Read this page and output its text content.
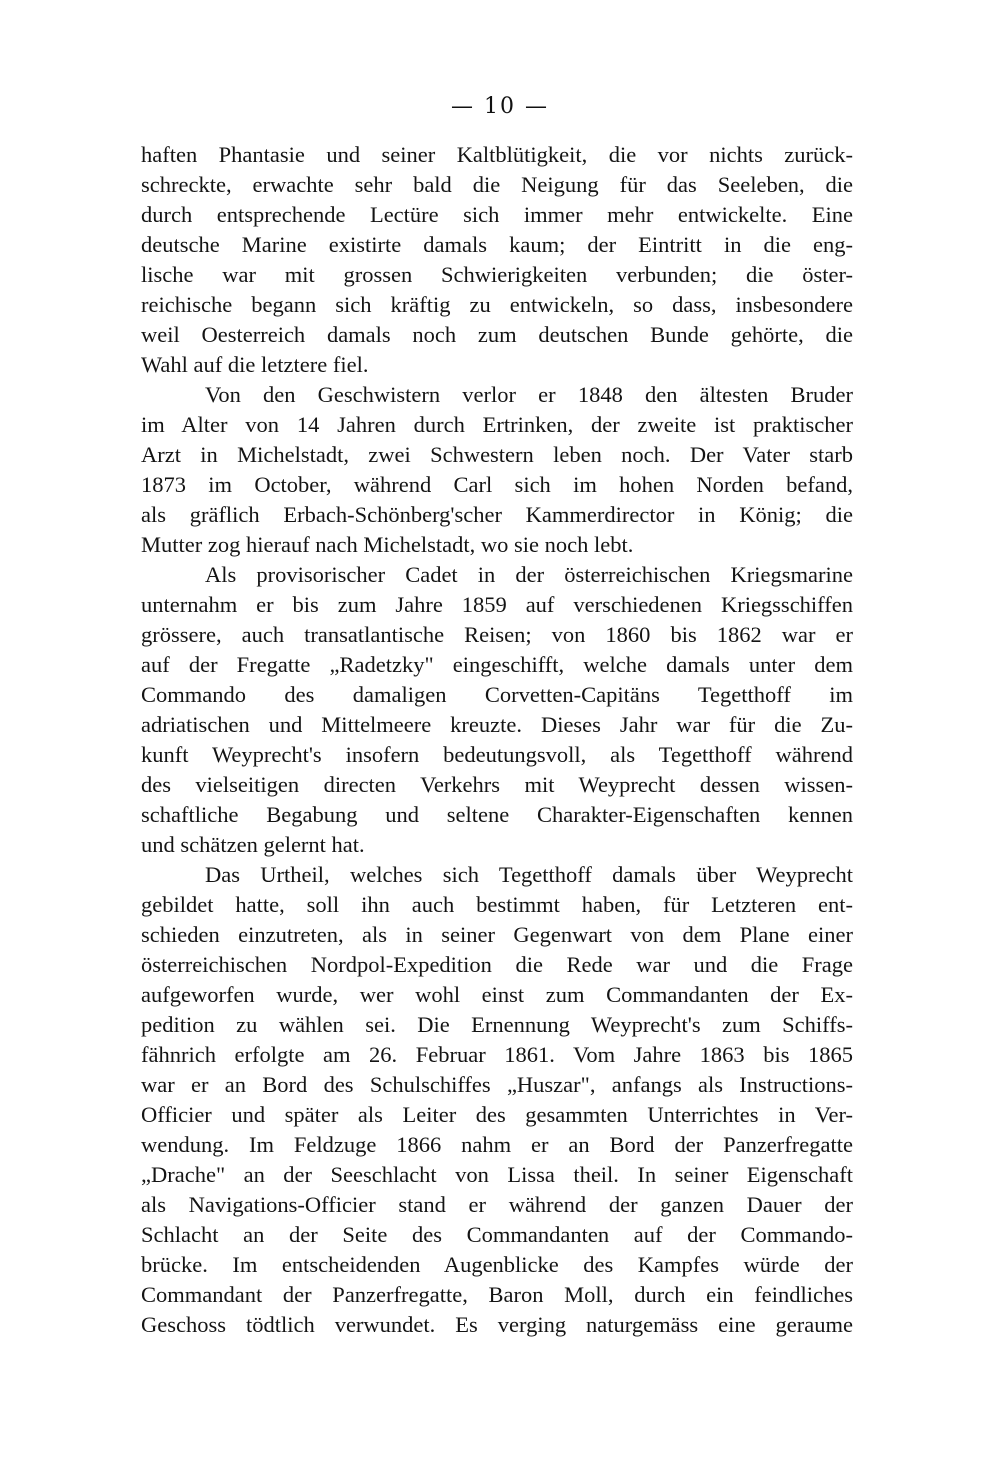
— 10 —
haften Phantasie und seiner Kaltblütigkeit, die vor nichts zurück-
schreckte, erwachte sehr bald die Neigung für das Seeleben, die
durch entsprechende Lectüre sich immer mehr entwickelte. Eine
deutsche Marine existirte damals kaum; der Eintritt in die eng-
lische war mit grossen Schwierigkeiten verbunden; die öster-
reichische begann sich kräftig zu entwickeln, so dass, insbesondere
weil Oesterreich damals noch zum deutschen Bunde gehörte, die
Wahl auf die letztere fiel.
Von den Geschwistern verlor er 1848 den ältesten Bruder
im Alter von 14 Jahren durch Ertrinken, der zweite ist praktischer
Arzt in Michelstadt, zwei Schwestern leben noch. Der Vater starb
1873 im October, während Carl sich im hohen Norden befand,
als gräflich Erbach-Schönberg'scher Kammerdirector in König; die
Mutter zog hierauf nach Michelstadt, wo sie noch lebt.
Als provisorischer Cadet in der österreichischen Kriegsmarine
unternahm er bis zum Jahre 1859 auf verschiedenen Kriegsschiffen
grössere, auch transatlantische Reisen; von 1860 bis 1862 war er
auf der Fregatte „Radetzky" eingeschifft, welche damals unter dem
Commando des damaligen Corvetten-Capitäns Tegetthoff im
adriatischen und Mittelmeere kreuzte. Dieses Jahr war für die Zu-
kunft Weyprecht's insofern bedeutungsvoll, als Tegetthoff während
des vielseitigen directen Verkehrs mit Weyprecht dessen wissen-
schaftliche Begabung und seltene Charakter-Eigenschaften kennen
und schätzen gelernt hat.
Das Urtheil, welches sich Tegetthoff damals über Weyprecht
gebildet hatte, soll ihn auch bestimmt haben, für Letzteren ent-
schieden einzutreten, als in seiner Gegenwart von dem Plane einer
österreichischen Nordpol-Expedition die Rede war und die Frage
aufgeworfen wurde, wer wohl einst zum Commandanten der Ex-
pedition zu wählen sei. Die Ernennung Weyprecht's zum Schiffs-
fähnrich erfolgte am 26. Februar 1861. Vom Jahre 1863 bis 1865
war er an Bord des Schulschiffes „Huszar", anfangs als Instructions-
Officier und später als Leiter des gesammten Unterrichtes in Ver-
wendung. Im Feldzuge 1866 nahm er an Bord der Panzerfregatte
„Drache" an der Seeschlacht von Lissa theil. In seiner Eigenschaft
als Navigations-Officier stand er während der ganzen Dauer der
Schlacht an der Seite des Commandanten auf der Commando-
brücke. Im entscheidenden Augenblicke des Kampfes würde der
Commandant der Panzerfregatte, Baron Moll, durch ein feindliches
Geschoss tödtlich verwundet. Es verging naturgemäss eine geraume
